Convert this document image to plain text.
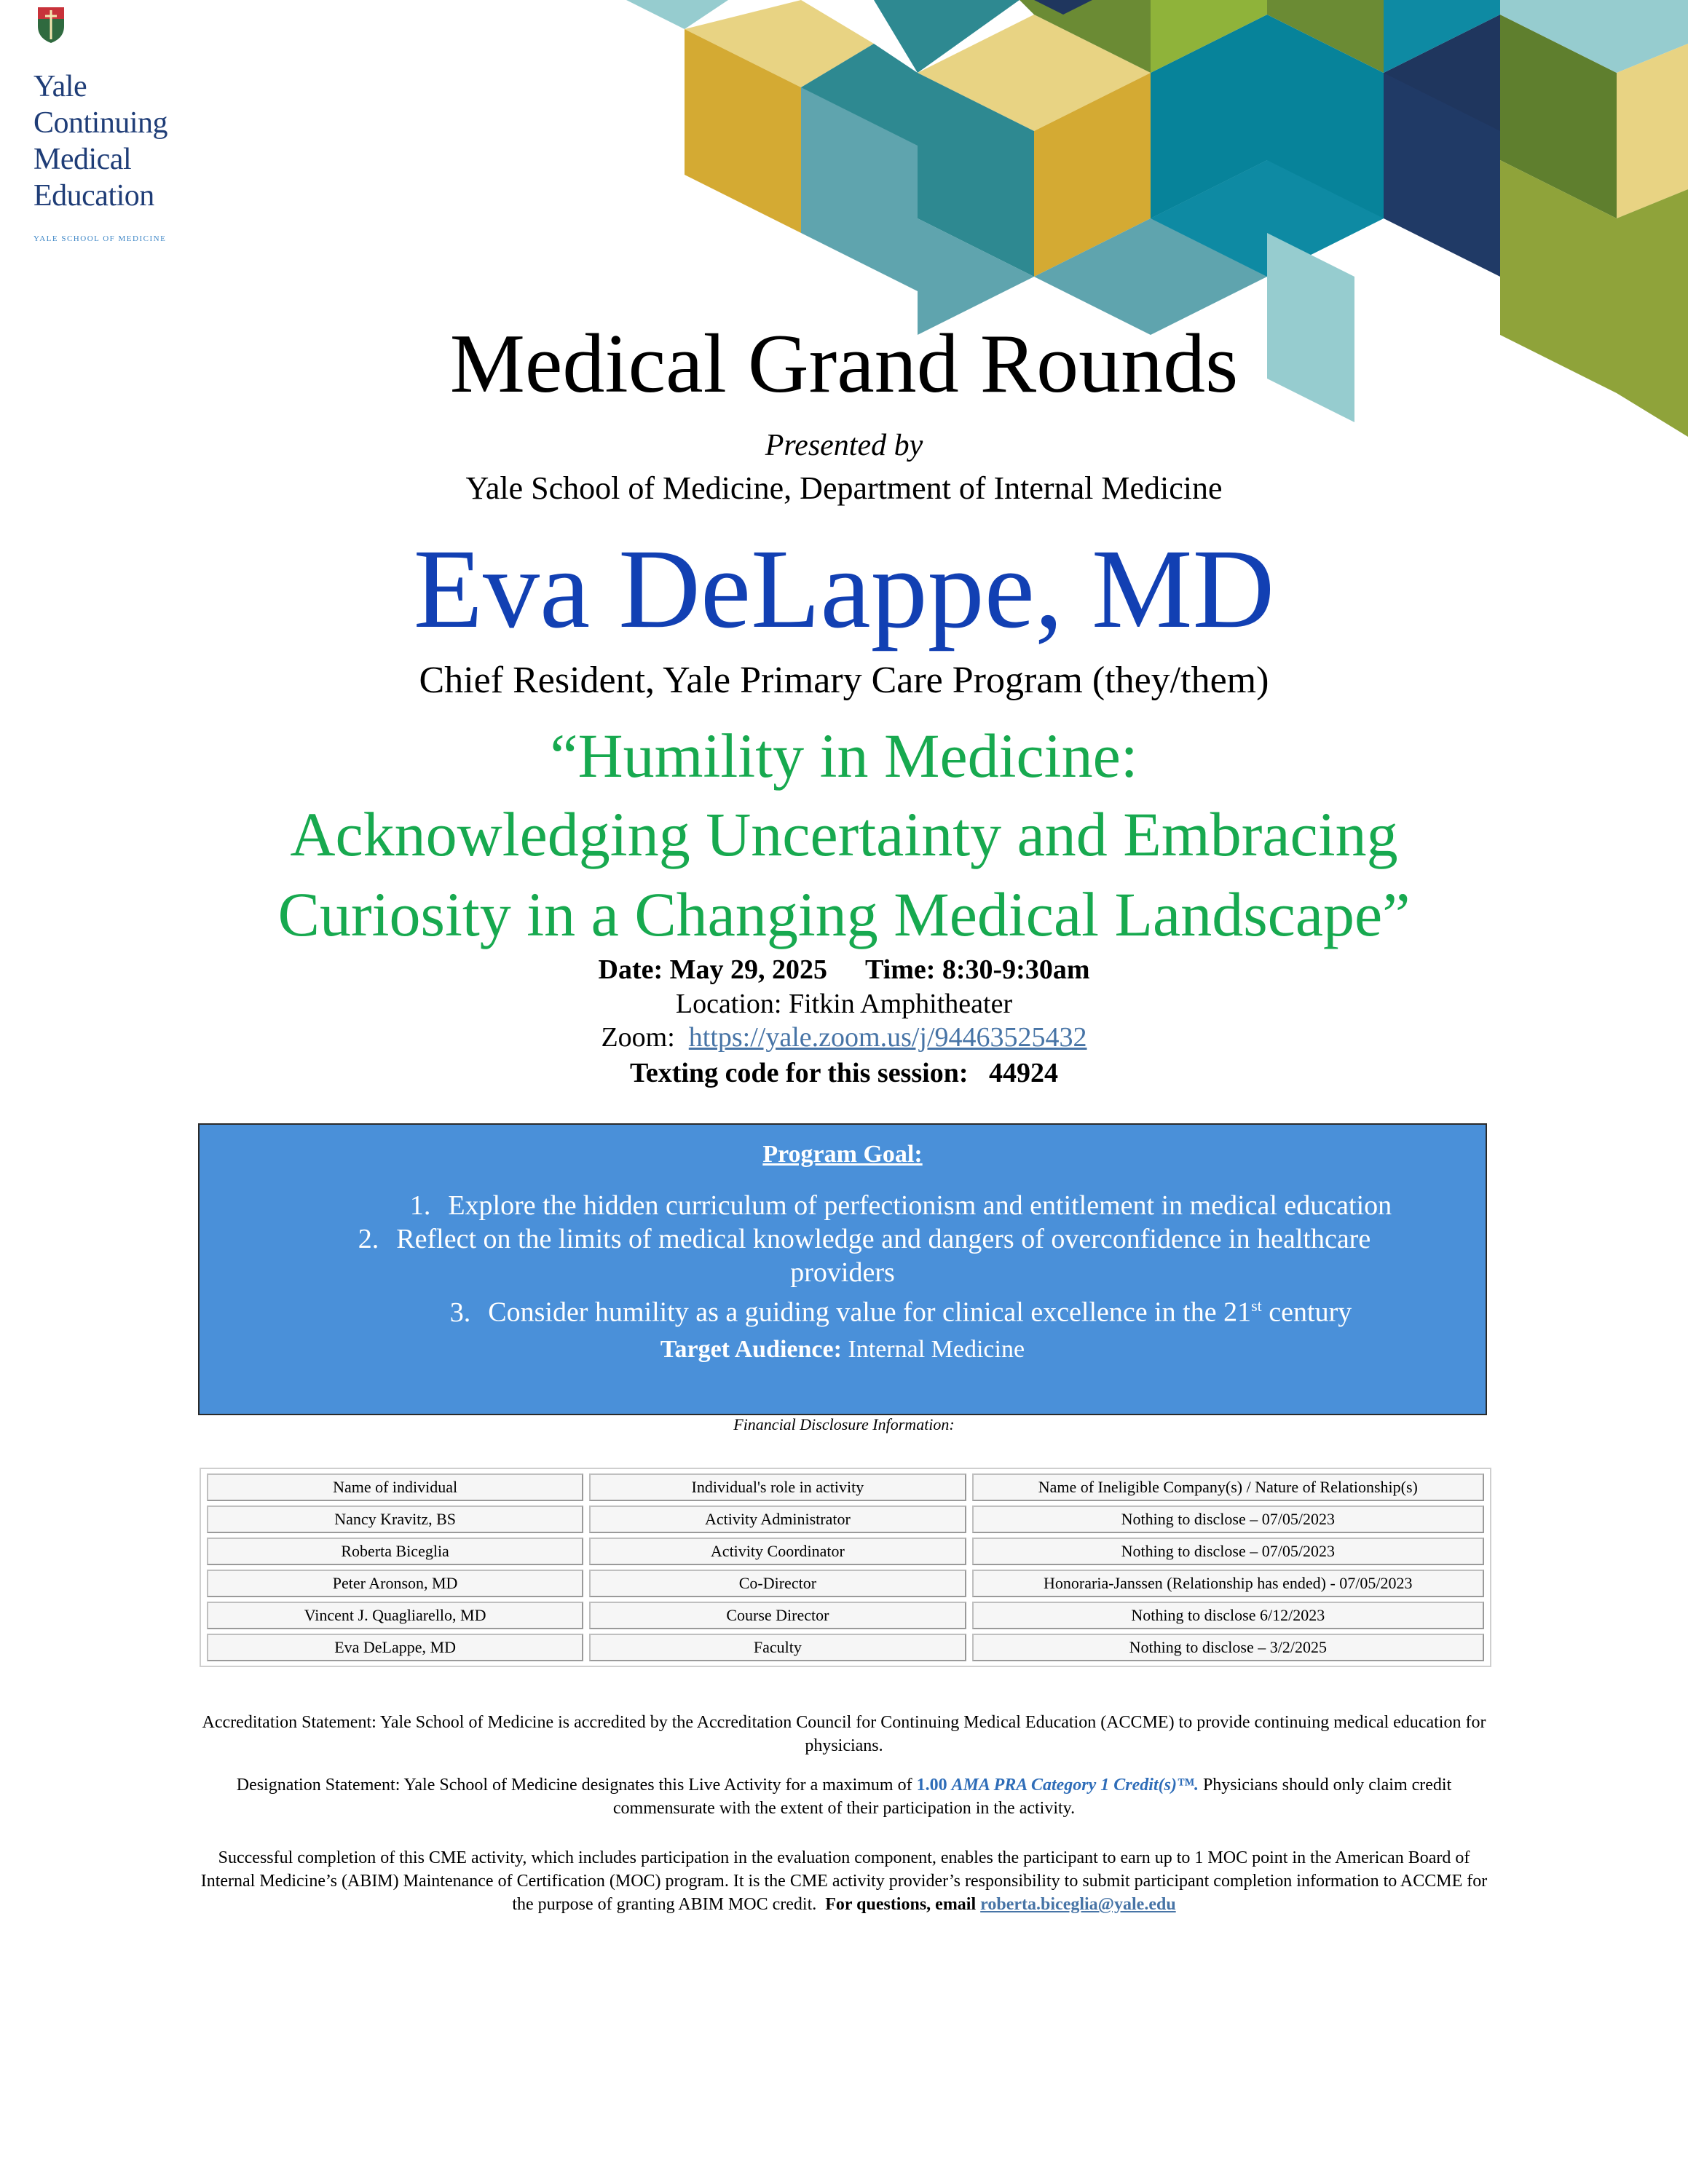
Yale
Continuing
Medical
Education
YALE SCHOOL OF MEDICINE
Medical Grand Rounds
Presented by
Yale School of Medicine, Department of Internal Medicine
Eva DeLappe, MD
Chief Resident, Yale Primary Care Program (they/them)
“Humility in Medicine:
Acknowledging Uncertainty and Embracing
Curiosity in a Changing Medical Landscape”
Date: May 29, 2025 Time: 8:30-9:30am
Location: Fitkin Amphitheater
Zoom: https://yale.zoom.us/j/94463525432
Texting code for this session: 44924
Program Goal:
1. Explore the hidden curriculum of perfectionism and entitlement in medical education
2. Reflect on the limits of medical knowledge and dangers of overconfidence in healthcare
providers
3. Consider humility as a guiding value for clinical excellence in the 21st century
Target Audience: Internal Medicine
Financial Disclosure Information:
Name of individual	Individual's role in activity	Name of Ineligible Company(s) / Nature of Relationship(s)
Nancy Kravitz, BS	Activity Administrator	Nothing to disclose – 07/05/2023
Roberta Biceglia	Activity Coordinator	Nothing to disclose – 07/05/2023
Peter Aronson, MD	Co-Director	Honoraria-Janssen (Relationship has ended) - 07/05/2023
Vincent J. Quagliarello, MD	Course Director	Nothing to disclose 6/12/2023
Eva DeLappe, MD	Faculty	Nothing to disclose – 3/2/2025
Accreditation Statement: Yale School of Medicine is accredited by the Accreditation Council for Continuing Medical Education (ACCME) to provide continuing medical education for physicians.
Designation Statement: Yale School of Medicine designates this Live Activity for a maximum of 1.00 AMA PRA Category 1 Credit(s)™. Physicians should only claim credit commensurate with the extent of their participation in the activity.
Successful completion of this CME activity, which includes participation in the evaluation component, enables the participant to earn up to 1 MOC point in the American Board of Internal Medicine’s (ABIM) Maintenance of Certification (MOC) program. It is the CME activity provider’s responsibility to submit participant completion information to ACCME for the purpose of granting ABIM MOC credit. For questions, email roberta.biceglia@yale.edu
